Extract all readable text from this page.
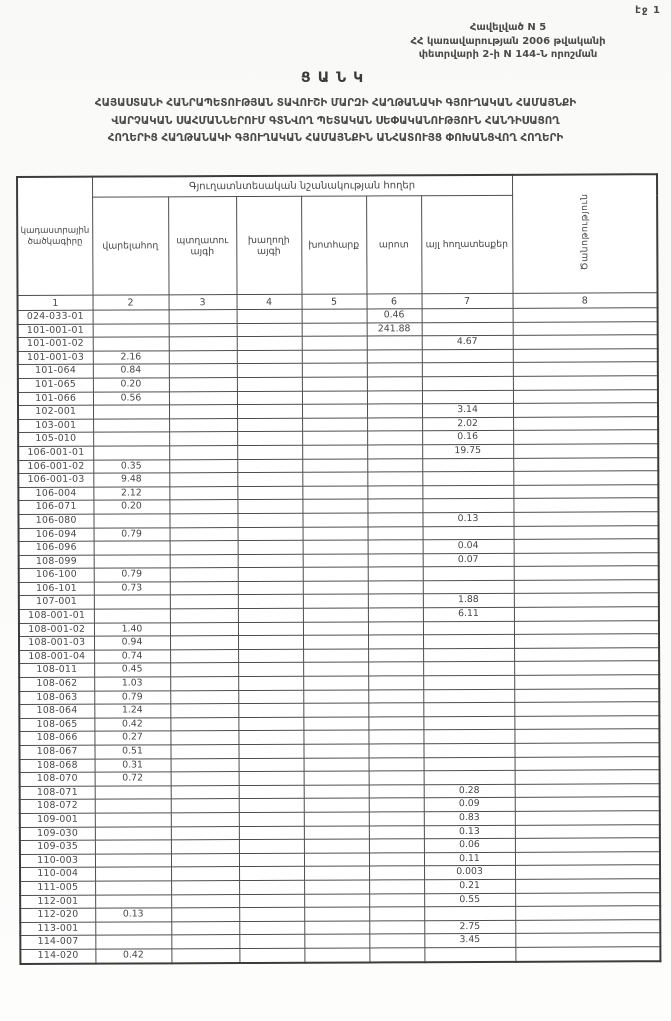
էջ 1
Հավելված N 5
ՀՀ կառավարության 2006 թվականի
փետրվարի 2-ի N 144-Ն որոշման
ՑԱՆԿ
ՀԱՅԱՍՏԱՆԻ ՀԱՆՐԱՊԵՏՈՒԹՅԱՆ ՏԱՎՈՒՇԻ ՄԱՐԶԻ ՀԱՂԹԱՆԱԿԻ ԳՅՈՒՂԱԿԱՆ ՀԱՄԱՅՆՔԻ
ՎԱՐՉԱԿԱՆ ՍԱՀՄԱՆՆԵՐՈՒՄ ԳՏՆՎՈՂ ՊԵՏԱԿԱՆ ՍԵՓԱԿԱՆՈՒԹՅՈՒՆ ՀԱՆԴԻՍԱՑՈՂ
ՀՈՂԵՐԻՑ ՀԱՂԹԱՆԱԿԻ ԳՅՈՒՂԱԿԱՆ ՀԱՄԱՅՆՔԻՆ ԱՆՀԱՏՈՒՅՑ ՓՈԽԱՆՑՎՈՂ ՀՈՂԵՐԻ
կադաստրային ծածկագիրը	Գյուղատնտեսական նշանակության հողեր						Ծանոթություն
	վարելահող	պտղատու այգի	խաղողի այգի	խոտհարք	արոտ	այլ հողատեսքեր	
1	2	3	4	5	6	7	8
024-033-01					0.46		
101-001-01					241.88		
101-001-02						4.67	
101-001-03	2.16						
101-064	0.84						
101-065	0.20						
101-066	0.56						
102-001						3.14	
103-001						2.02	
105-010						0.16	
106-001-01						19.75	
106-001-02	0.35						
106-001-03	9.48						
106-004	2.12						
106-071	0.20						
106-080						0.13	
106-094	0.79						
106-096						0.04	
108-099						0.07	
106-100	0.79						
106-101	0.73						
107-001						1.88	
108-001-01						6.11	
108-001-02	1.40						
108-001-03	0.94						
108-001-04	0.74						
108-011	0.45						
108-062	1.03						
108-063	0.79						
108-064	1.24						
108-065	0.42						
108-066	0.27						
108-067	0.51						
108-068	0.31						
108-070	0.72						
108-071						0.28	
108-072						0.09	
109-001						0.83	
109-030						0.13	
109-035						0.06	
110-003						0.11	
110-004						0.003	
111-005						0.21	
112-001						0.55	
112-020	0.13						
113-001						2.75	
114-007						3.45	
114-020	0.42						
